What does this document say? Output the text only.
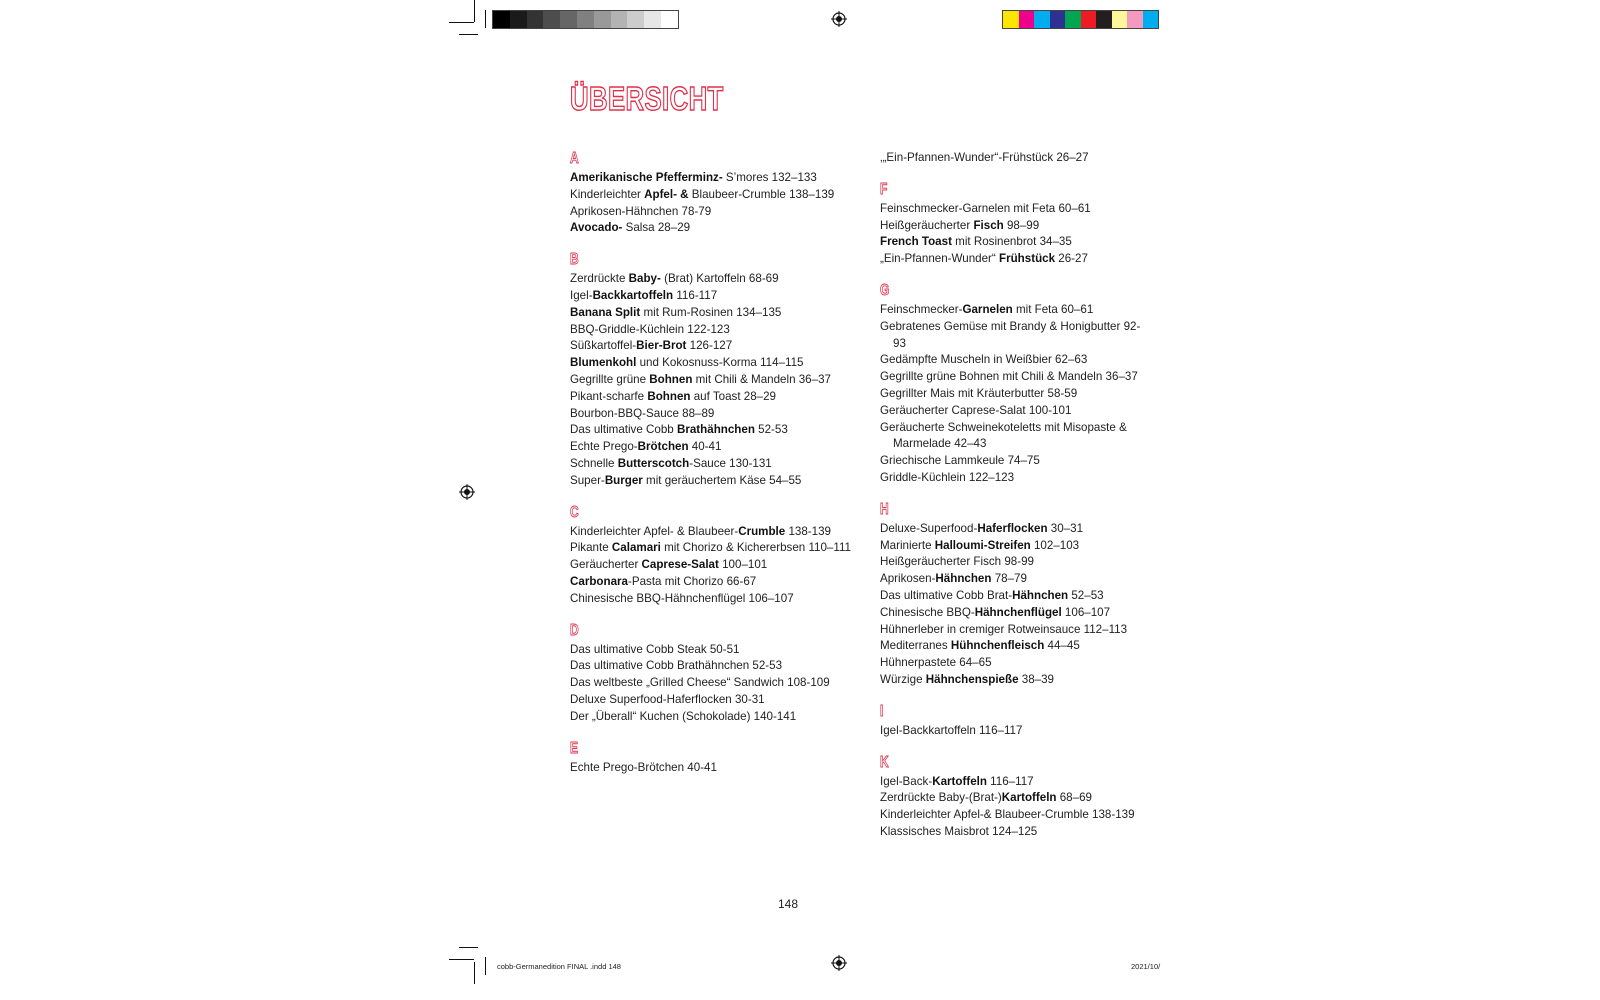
ÜBERSICHT
A
Amerikanische Pfefferminz- S’mores 132–133
Kinderleichter Apfel- & Blaubeer-Crumble 138–139
Aprikosen-Hähnchen 78-79
Avocado- Salsa 28–29
B
Zerdrückte Baby- (Brat) Kartoffeln 68-69
Igel-Backkartoffeln 116-117
Banana Split mit Rum-Rosinen 134–135
BBQ-Griddle-Küchlein 122-123
Süßkartoffel-Bier-Brot 126-127
Blumenkohl und Kokosnuss-Korma 114–115
Gegrillte grüne Bohnen mit Chili & Mandeln 36–37
Pikant-scharfe Bohnen auf Toast 28–29
Bourbon-BBQ-Sauce 88–89
Das ultimative Cobb Brathähnchen 52-53
Echte Prego-Brötchen 40-41
Schnelle Butterscotch-Sauce 130-131
Super-Burger mit geräuchertem Käse 54–55
C
Kinderleichter Apfel- & Blaubeer-Crumble 138-139
Pikante Calamari mit Chorizo & Kichererbsen 110–111
Geräucherter Caprese-Salat 100–101
Carbonara-Pasta mit Chorizo 66-67
Chinesische BBQ-Hähnchenflügel 106–107
D
Das ultimative Cobb Steak 50-51
Das ultimative Cobb Brathähnchen 52-53
Das weltbeste „Grilled Cheese“ Sandwich 108-109
Deluxe Superfood-Haferflocken 30-31
Der „Überall“ Kuchen (Schokolade) 140-141
E
Echte Prego-Brötchen 40-41
‚„Ein-Pfannen-Wunder“-Frühstück 26–27
F
Feinschmecker-Garnelen mit Feta 60–61
Heißgeräucherter Fisch 98–99
French Toast mit Rosinenbrot 34–35
„Ein-Pfannen-Wunder“ Frühstück 26-27
G
Feinschmecker-Garnelen mit Feta 60–61
Gebratenes Gemüse mit Brandy & Honigbutter 92-93
Gedämpfte Muscheln in Weißbier 62–63
Gegrillte grüne Bohnen mit Chili & Mandeln 36–37
Gegrillter Mais mit Kräuterbutter 58-59
Geräucherter Caprese-Salat 100-101
Geräucherte Schweinekoteletts mit Misopaste & Marmelade 42–43
Griechische Lammkeule 74–75
Griddle-Küchlein 122–123
H
Deluxe-Superfood-Haferflocken 30–31
Marinierte Halloumi-Streifen 102–103
Heißgeräucherter Fisch 98-99
Aprikosen-Hähnchen 78–79
Das ultimative Cobb Brat-Hähnchen 52–53
Chinesische BBQ-Hähnchenflügel 106–107
Hühnerleber in cremiger Rotweinsauce 112–113
Mediterranes Hühnchenfleisch 44–45
Hühnerpastete 64–65
Würzige Hähnchenspieße 38–39
I
Igel-Backkartoffeln 116–117
K
Igel-Back-Kartoffeln 116–117
Zerdrückte Baby-(Brat-)Kartoffeln 68–69
Kinderleichter Apfel-& Blaubeer-Crumble 138-139
Klassisches Maisbrot 124–125
148
cobb-Germanedition FINAL .indd 148	2021/10/
